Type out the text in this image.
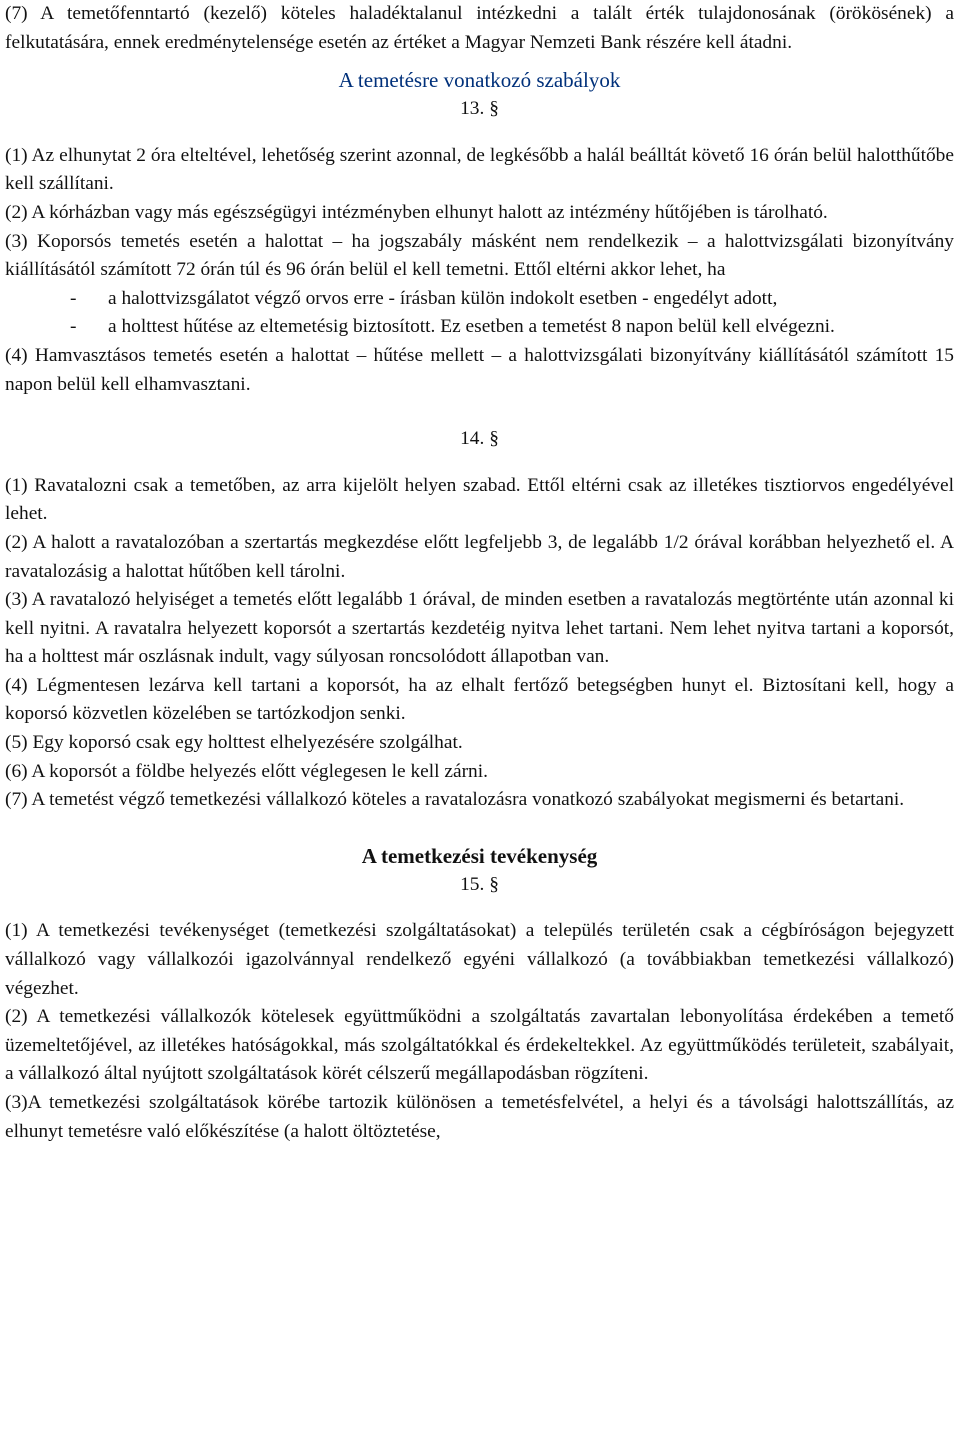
(7) A temetőfenntartó (kezelő) köteles haladéktalanul intézkedni a talált érték tulajdonosának (örökösének) a felkutatására, ennek eredménytelensége esetén az értéket a Magyar Nemzeti Bank részére kell átadni.

A temetésre vonatkozó szabályok
13. §

(1) Az elhunytat 2 óra elteltével, lehetőség szerint azonnal, de legkésőbb a halál beálltát követő 16 órán belül halotthűtőbe kell szállítani.

(2) A kórházban vagy más egészségügyi intézményben elhunyt halott az intézmény hűtőjében is tárolható.

(3) Koporsós temetés esetén a halottat – ha jogszabály másként nem rendelkezik – a halottvizsgálati bizonyítvány kiállításától számított 72 órán túl és 96 órán belül el kell temetni. Ettől eltérni akkor lehet, ha

- a halottvizsgálatot végző orvos erre - írásban külön indokolt esetben - engedélyt adott,
- a holttest hűtése az eltemetésig biztosított. Ez esetben a temetést 8 napon belül kell elvégezni.

(4) Hamvasztásos temetés esetén a halottat – hűtése mellett – a halottvizsgálati bizonyítvány kiállításától számított 15 napon belül kell elhamvasztani.

14. §

(1) Ravatalozni csak a temetőben, az arra kijelölt helyen szabad. Ettől eltérni csak az illetékes tisztiorvos engedélyével lehet.

(2) A halott a ravatalozóban a szertartás megkezdése előtt legfeljebb 3, de legalább 1/2 órával korábban helyezhető el. A ravatalozásig a halottat hűtőben kell tárolni.

(3) A ravatalozó helyiséget a temetés előtt legalább 1 órával, de minden esetben a ravatalozás megtörténte után azonnal ki kell nyitni. A ravatalra helyezett koporsót a szertartás kezdetéig nyitva lehet tartani. Nem lehet nyitva tartani a koporsót, ha a holttest már oszlásnak indult, vagy súlyosan roncsolódott állapotban van.

(4) Légmentesen lezárva kell tartani a koporsót, ha az elhalt fertőző betegségben hunyt el. Biztosítani kell, hogy a koporsó közvetlen közelében se tartózkodjon senki.

(5) Egy koporsó csak egy holttest elhelyezésére szolgálhat.

(6) A koporsót a földbe helyezés előtt véglegesen le kell zárni.

(7) A temetést végző temetkezési vállalkozó köteles a ravatalozásra vonatkozó szabályokat megismerni és betartani.

A temetkezési tevékenység
15. §

(1) A temetkezési tevékenységet (temetkezési szolgáltatásokat) a település területén csak a cégbíróságon bejegyzett vállalkozó vagy vállalkozói igazolvánnyal rendelkező egyéni vállalkozó (a továbbiakban temetkezési vállalkozó) végezhet.

(2) A temetkezési vállalkozók kötelesek együttműködni a szolgáltatás zavartalan lebonyolítása érdekében a temető üzemeltetőjével, az illetékes hatóságokkal, más szolgáltatókkal és érdekeltekkel. Az együttműködés területeit, szabályait, a vállalkozó által nyújtott szolgáltatások körét célszerű megállapodásban rögzíteni.

(3)A temetkezési szolgáltatások körébe tartozik különösen a temetésfelvétel, a helyi és a távolsági halottszállítás, az elhunyt temetésre való előkészítése (a halott öltöztetése,
